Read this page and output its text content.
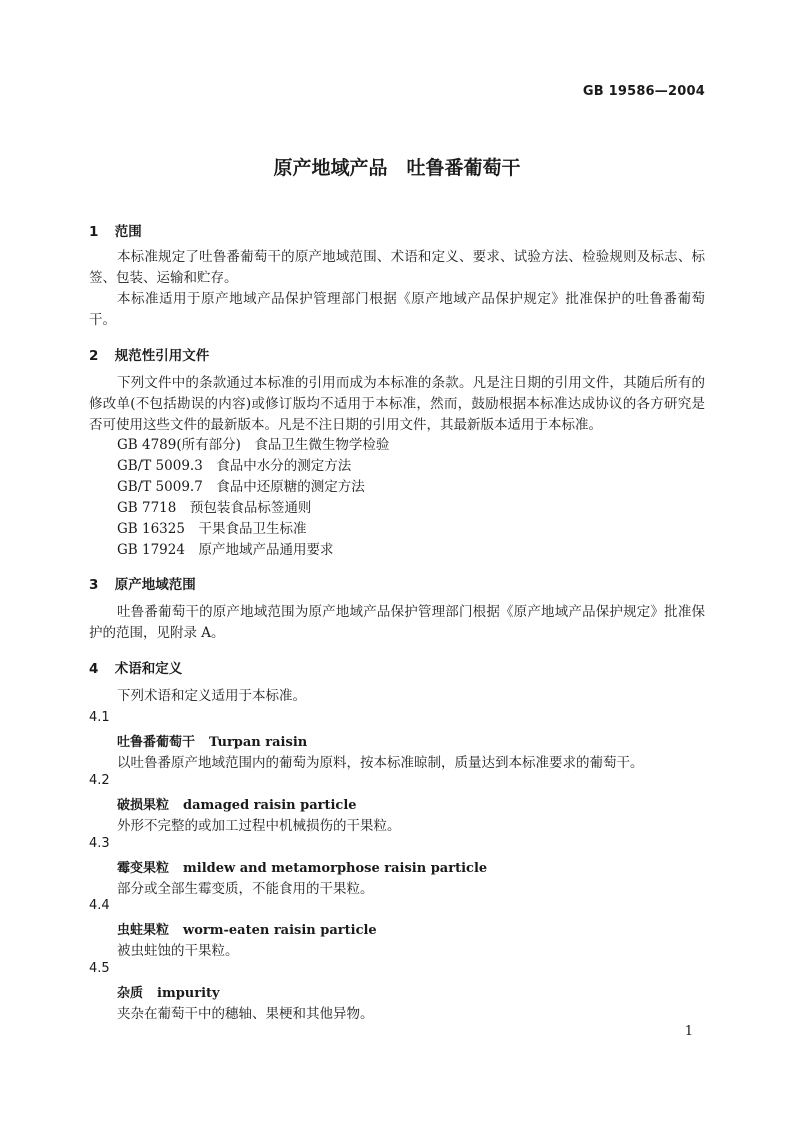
GB 19586—2004
原产地域产品　吐鲁番葡萄干
1 范围
本标准规定了吐鲁番葡萄干的原产地域范围、术语和定义、要求、试验方法、检验规则及标志、标签、包装、运输和贮存。
本标准适用于原产地域产品保护管理部门根据《原产地域产品保护规定》批准保护的吐鲁番葡萄干。
2 规范性引用文件
下列文件中的条款通过本标准的引用而成为本标准的条款。凡是注日期的引用文件，其随后所有的修改单(不包括勘误的内容)或修订版均不适用于本标准，然而，鼓励根据本标准达成协议的各方研究是否可使用这些文件的最新版本。凡是不注日期的引用文件，其最新版本适用于本标准。
GB 4789(所有部分)　食品卫生微生物学检验
GB/T 5009.3　食品中水分的测定方法
GB/T 5009.7　食品中还原糖的测定方法
GB 7718　预包装食品标签通则
GB 16325　干果食品卫生标准
GB 17924　原产地域产品通用要求
3 原产地域范围
吐鲁番葡萄干的原产地域范围为原产地域产品保护管理部门根据《原产地域产品保护规定》批准保护的范围，见附录 A。
4 术语和定义
下列术语和定义适用于本标准。
4.1
吐鲁番葡萄干 Turpan raisin
以吐鲁番原产地域范围内的葡萄为原料，按本标准晾制，质量达到本标准要求的葡萄干。
4.2
破损果粒 damaged raisin particle
外形不完整的或加工过程中机械损伤的干果粒。
4.3
霉变果粒 mildew and metamorphose raisin particle
部分或全部生霉变质，不能食用的干果粒。
4.4
虫蛀果粒 worm-eaten raisin particle
被虫蛀蚀的干果粒。
4.5
杂质 impurity
夹杂在葡萄干中的穗轴、果梗和其他异物。
1
